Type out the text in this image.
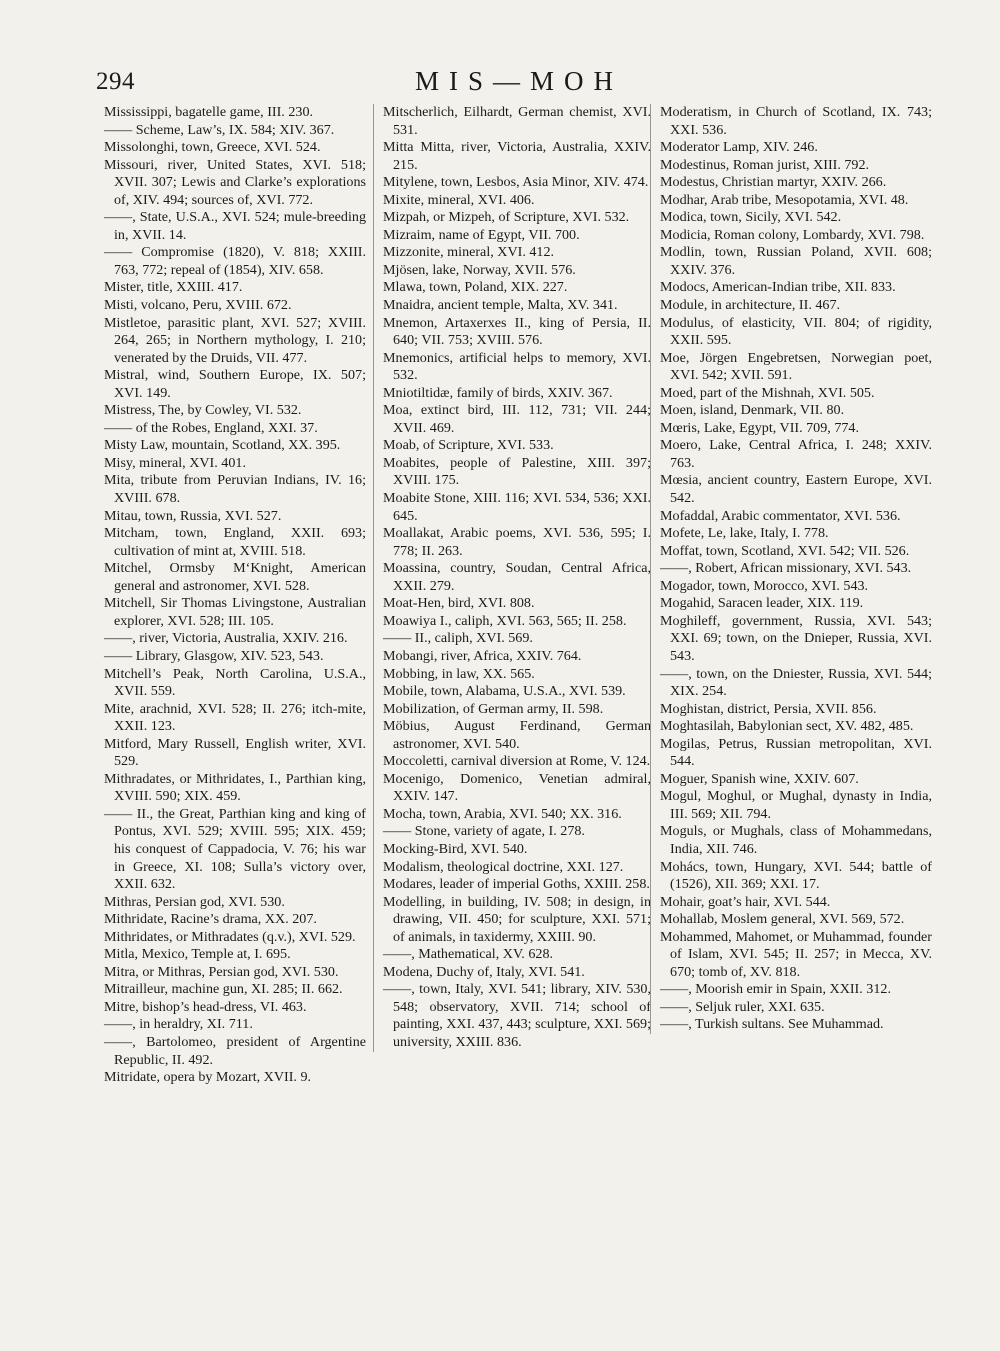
294	MIS—MOH

Mississippi, bagatelle game, III. 230.

—— Scheme, Law’s, IX. 584; XIV. 367.

Missolonghi, town, Greece, XVI. 524.

Missouri, river, United States, XVI. 518; XVII. 307; Lewis and Clarke’s explorations of, XIV. 494; sources of, XVI. 772.

——, State, U.S.A., XVI. 524; mule-breeding in, XVII. 14.

—— Compromise (1820), V. 818; XXIII. 763, 772; repeal of (1854), XIV. 658.

Mister, title, XXIII. 417.

Misti, volcano, Peru, XVIII. 672.

Mistletoe, parasitic plant, XVI. 527; XVIII. 264, 265; in Northern mythology, I. 210; venerated by the Druids, VII. 477.

Mistral, wind, Southern Europe, IX. 507; XVI. 149.

Mistress, The, by Cowley, VI. 532.

—— of the Robes, England, XXI. 37.

Misty Law, mountain, Scotland, XX. 395.

Misy, mineral, XVI. 401.

Mita, tribute from Peruvian Indians, IV. 16; XVIII. 678.

Mitau, town, Russia, XVI. 527.

Mitcham, town, England, XXII. 693; cultivation of mint at, XVIII. 518.

Mitchel, Ormsby M‘Knight, American general and astronomer, XVI. 528.

Mitchell, Sir Thomas Livingstone, Australian explorer, XVI. 528; III. 105.

——, river, Victoria, Australia, XXIV. 216.

—— Library, Glasgow, XIV. 523, 543.

Mitchell’s Peak, North Carolina, U.S.A., XVII. 559.

Mite, arachnid, XVI. 528; II. 276; itch-mite, XXII. 123.

Mitford, Mary Russell, English writer, XVI. 529.

Mithradates, or Mithridates, I., Parthian king, XVIII. 590; XIX. 459.

—— II., the Great, Parthian king and king of Pontus, XVI. 529; XVIII. 595; XIX. 459; his conquest of Cappadocia, V. 76; his war in Greece, XI. 108; Sulla’s victory over, XXII. 632.

Mithras, Persian god, XVI. 530.

Mithridate, Racine’s drama, XX. 207.

Mithridates, or Mithradates (q.v.), XVI. 529.

Mitla, Mexico, Temple at, I. 695.

Mitra, or Mithras, Persian god, XVI. 530.

Mitrailleur, machine gun, XI. 285; II. 662.

Mitre, bishop’s head-dress, VI. 463.

——, in heraldry, XI. 711.

——, Bartolomeo, president of Argentine Republic, II. 492.

Mitridate, opera by Mozart, XVII. 9.

Mitscherlich, Eilhardt, German chemist, XVI. 531.

Mitta Mitta, river, Victoria, Australia, XXIV. 215.

Mitylene, town, Lesbos, Asia Minor, XIV. 474.

Mixite, mineral, XVI. 406.

Mizpah, or Mizpeh, of Scripture, XVI. 532.

Mizraim, name of Egypt, VII. 700.

Mizzonite, mineral, XVI. 412.

Mjösen, lake, Norway, XVII. 576.

Mlawa, town, Poland, XIX. 227.

Mnaidra, ancient temple, Malta, XV. 341.

Mnemon, Artaxerxes II., king of Persia, II. 640; VII. 753; XVIII. 576.

Mnemonics, artificial helps to memory, XVI. 532.

Mniotiltidæ, family of birds, XXIV. 367.

Moa, extinct bird, III. 112, 731; VII. 244; XVII. 469.

Moab, of Scripture, XVI. 533.

Moabites, people of Palestine, XIII. 397; XVIII. 175.

Moabite Stone, XIII. 116; XVI. 534, 536; XXI. 645.

Moallakat, Arabic poems, XVI. 536, 595; I. 778; II. 263.

Moassina, country, Soudan, Central Africa, XXII. 279.

Moat-Hen, bird, XVI. 808.

Moawiya I., caliph, XVI. 563, 565; II. 258.

—— II., caliph, XVI. 569.

Mobangi, river, Africa, XXIV. 764.

Mobbing, in law, XX. 565.

Mobile, town, Alabama, U.S.A., XVI. 539.

Mobilization, of German army, II. 598.

Möbius, August Ferdinand, German astronomer, XVI. 540.

Moccoletti, carnival diversion at Rome, V. 124.

Mocenigo, Domenico, Venetian admiral, XXIV. 147.

Mocha, town, Arabia, XVI. 540; XX. 316.

—— Stone, variety of agate, I. 278.

Mocking-Bird, XVI. 540.

Modalism, theological doctrine, XXI. 127.

Modares, leader of imperial Goths, XXIII. 258.

Modelling, in building, IV. 508; in design, in drawing, VII. 450; for sculpture, XXI. 571; of animals, in taxidermy, XXIII. 90.

——, Mathematical, XV. 628.

Modena, Duchy of, Italy, XVI. 541.

——, town, Italy, XVI. 541; library, XIV. 530, 548; observatory, XVII. 714; school of painting, XXI. 437, 443; sculpture, XXI. 569; university, XXIII. 836.

Moderatism, in Church of Scotland, IX. 743; XXI. 536.

Moderator Lamp, XIV. 246.

Modestinus, Roman jurist, XIII. 792.

Modestus, Christian martyr, XXIV. 266.

Modhar, Arab tribe, Mesopotamia, XVI. 48.

Modica, town, Sicily, XVI. 542.

Modicia, Roman colony, Lombardy, XVI. 798.

Modlin, town, Russian Poland, XVII. 608; XXIV. 376.

Modocs, American-Indian tribe, XII. 833.

Module, in architecture, II. 467.

Modulus, of elasticity, VII. 804; of rigidity, XXII. 595.

Moe, Jörgen Engebretsen, Norwegian poet, XVI. 542; XVII. 591.

Moed, part of the Mishnah, XVI. 505.

Moen, island, Denmark, VII. 80.

Mœris, Lake, Egypt, VII. 709, 774.

Moero, Lake, Central Africa, I. 248; XXIV. 763.

Mœsia, ancient country, Eastern Europe, XVI. 542.

Mofaddal, Arabic commentator, XVI. 536.

Mofete, Le, lake, Italy, I. 778.

Moffat, town, Scotland, XVI. 542; VII. 526.

——, Robert, African missionary, XVI. 543.

Mogador, town, Morocco, XVI. 543.

Mogahid, Saracen leader, XIX. 119.

Moghileff, government, Russia, XVI. 543; XXI. 69; town, on the Dnieper, Russia, XVI. 543.

——, town, on the Dniester, Russia, XVI. 544; XIX. 254.

Moghistan, district, Persia, XVII. 856.

Moghtasilah, Babylonian sect, XV. 482, 485.

Mogilas, Petrus, Russian metropolitan, XVI. 544.

Moguer, Spanish wine, XXIV. 607.

Mogul, Moghul, or Mughal, dynasty in India, III. 569; XII. 794.

Moguls, or Mughals, class of Mohammedans, India, XII. 746.

Mohács, town, Hungary, XVI. 544; battle of (1526), XII. 369; XXI. 17.

Mohair, goat’s hair, XVI. 544.

Mohallab, Moslem general, XVI. 569, 572.

Mohammed, Mahomet, or Muhammad, founder of Islam, XVI. 545; II. 257; in Mecca, XV. 670; tomb of, XV. 818.

——, Moorish emir in Spain, XXII. 312.

——, Seljuk ruler, XXI. 635.

——, Turkish sultans. See Muhammad.
